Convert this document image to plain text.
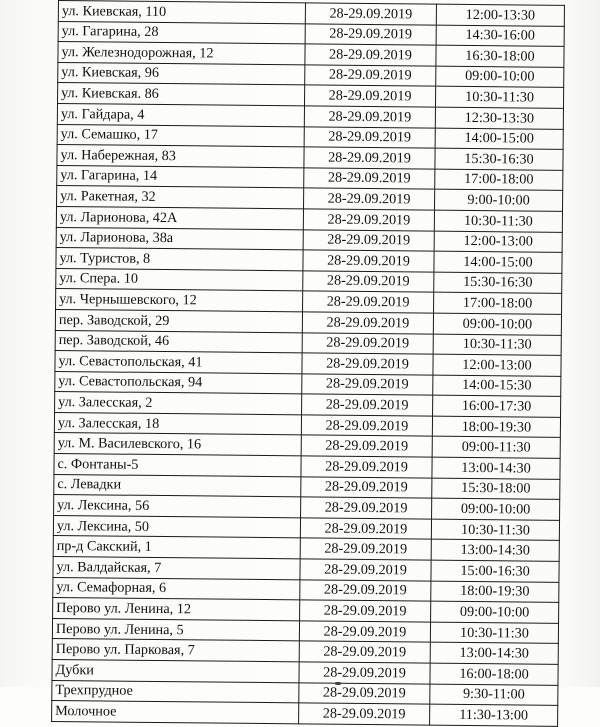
ул. Киевская, 110	28-29.09.2019	12:00-13:30
ул. Гагарина, 28	28-29.09.2019	14:30-16:00
ул. Железнодорожная, 12	28-29.09.2019	16:30-18:00
ул. Киевская, 96	28-29.09.2019	09:00-10:00
ул. Киевская. 86	28-29.09.2019	10:30-11:30
ул. Гайдара, 4	28-29.09.2019	12:30-13:30
ул. Семашко, 17	28-29.09.2019	14:00-15:00
ул. Набережная, 83	28-29.09.2019	15:30-16:30
ул. Гагарина, 14	28-29.09.2019	17:00-18:00
ул. Ракетная, 32	28-29.09.2019	9:00-10:00
ул. Ларионова, 42А	28-29.09.2019	10:30-11:30
ул. Ларионова, 38а	28-29.09.2019	12:00-13:00
ул. Туристов, 8	28-29.09.2019	14:00-15:00
ул. Спера. 10	28-29.09.2019	15:30-16:30
ул. Чернышевского, 12	28-29.09.2019	17:00-18:00
пер. Заводской, 29	28-29.09.2019	09:00-10:00
пер. Заводской, 46	28-29.09.2019	10:30-11:30
ул. Севастопольская, 41	28-29.09.2019	12:00-13:00
ул. Севастопольская, 94	28-29.09.2019	14:00-15:30
ул. Залесская, 2	28-29.09.2019	16:00-17:30
ул. Залесская, 18	28-29.09.2019	18:00-19:30
ул. М. Василевского, 16	28-29.09.2019	09:00-11:30
с. Фонтаны-5	28-29.09.2019	13:00-14:30
с. Левадки	28-29.09.2019	15:30-18:00
ул. Лексина, 56	28-29.09.2019	09:00-10:00
ул. Лексина, 50	28-29.09.2019	10:30-11:30
пр-д Сакский, 1	28-29.09.2019	13:00-14:30
ул. Валдайская, 7	28-29.09.2019	15:00-16:30
ул. Семафорная, 6	28-29.09.2019	18:00-19:30
Перово ул. Ленина, 12	28-29.09.2019	09:00-10:00
Перово ул. Ленина, 5	28-29.09.2019	10:30-11:30
Перово ул. Парковая, 7	28-29.09.2019	13:00-14:30
Дубки	28-29.09.2019	16:00-18:00
Трехпрудное	28-29.09.2019	9:30-11:00
Молочное	28-29.09.2019	11:30-13:00
